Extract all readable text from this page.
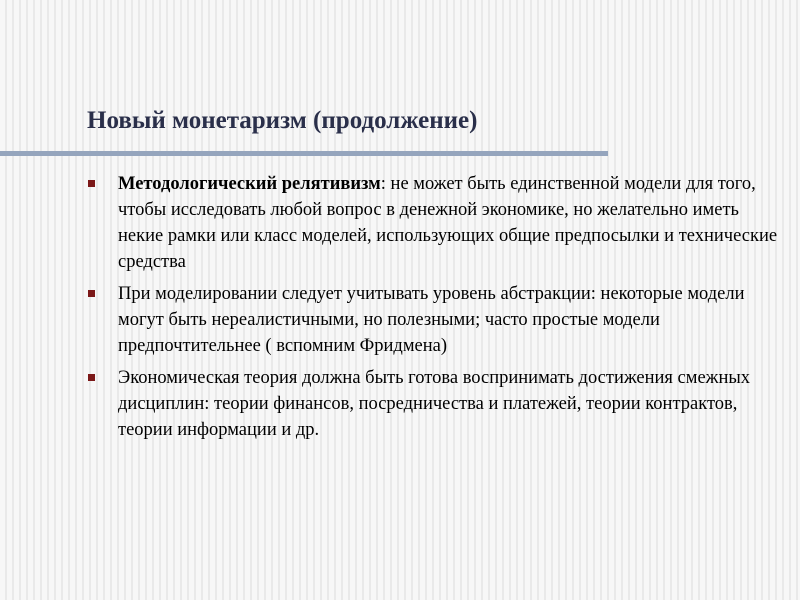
Новый монетаризм (продолжение)
Методологический релятивизм: не может быть единственной модели для того, чтобы исследовать любой вопрос в денежной экономике, но желательно иметь некие рамки или класс моделей, использующих общие предпосылки и технические средства
При моделировании следует учитывать уровень абстракции: некоторые модели могут быть нереалистичными, но полезными; часто простые модели предпочтительнее ( вспомним Фридмена)
Экономическая теория должна быть готова воспринимать достижения смежных дисциплин: теории финансов, посредничества и платежей, теории контрактов, теории информации и др.
